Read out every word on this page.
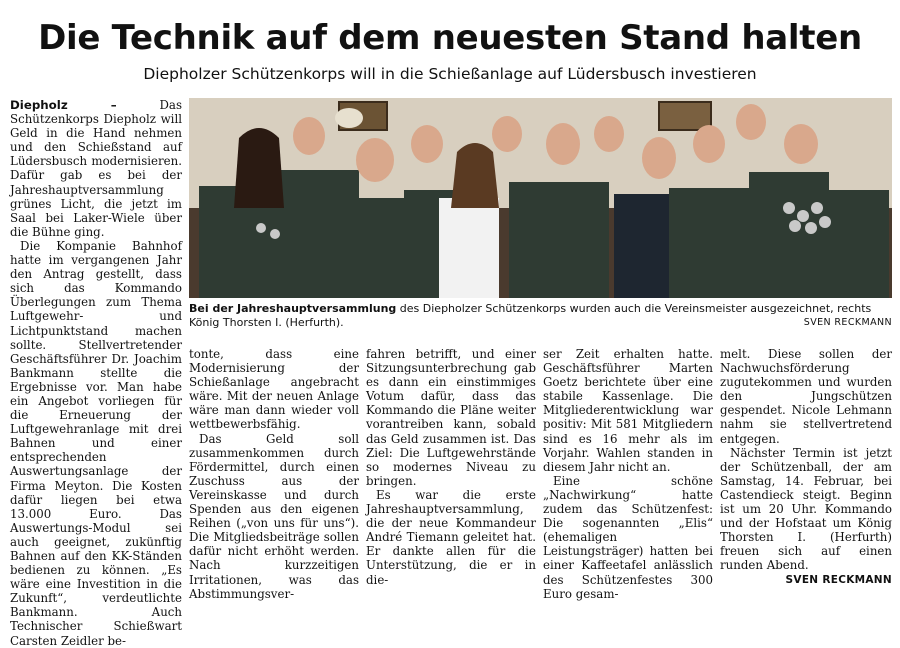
Die Technik auf dem neuesten Stand halten
Diepholzer Schützenkorps will in die Schießanlage auf Lüdersbusch investieren

Diepholz – Das Schützenkorps Diepholz will Geld in die Hand nehmen und den Schießstand auf Lüdersbusch modernisieren. Dafür gab es bei der Jahreshauptversammlung grünes Licht, die jetzt im Saal bei Laker-Wiele über die Bühne ging.

Die Kompanie Bahnhof hatte im vergangenen Jahr den Antrag gestellt, dass sich das Kommando Überlegungen zum Thema Luftgewehr- und Lichtpunktstand machen sollte. Stellvertretender Geschäftsführer Dr. Joachim Bankmann stellte die Ergebnisse vor. Man habe ein Angebot vorliegen für die Erneuerung der Luftgewehranlage mit drei Bahnen und einer entsprechenden Auswertungsanlage der Firma Meyton. Die Kosten dafür liegen bei etwa 13.000 Euro. Das Auswertungs-Modul sei auch geeignet, zukünftig Bahnen auf den KK-Ständen bedienen zu können. „Es wäre eine Investition in die Zukunft“, verdeutlichte Bankmann. Auch Technischer Schießwart Carsten Zeidler be-

Bei der Jahreshauptversammlung des Diepholzer Schützenkorps wurden auch die Vereinsmeister ausgezeichnet, rechts König Thorsten I. (Herfurth).	SVEN RECKMANN

tonte, dass eine Modernisierung der Schießanlage angebracht wäre. Mit der neuen Anlage wäre man dann wieder voll wettbewerbsfähig.

Das Geld soll zusammenkommen durch Fördermittel, durch einen Zuschuss aus der Vereinskasse und durch Spenden aus den eigenen Reihen („von uns für uns“). Die Mitgliedsbeiträge sollen dafür nicht erhöht werden. Nach kurzzeitigen Irritationen, was das Abstimmungsver-

fahren betrifft, und einer Sitzungsunterbrechung gab es dann ein einstimmiges Votum dafür, dass das Kommando die Pläne weiter vorantreiben kann, sobald das Geld zusammen ist. Das Ziel: Die Luftgewehrstände so modernes Niveau zu bringen.

Es war die erste Jahreshauptversammlung, die der neue Kommandeur André Tiemann geleitet hat. Er dankte allen für die Unterstützung, die er in die-

ser Zeit erhalten hatte. Geschäftsführer Marten Goetz berichtete über eine stabile Kassenlage. Die Mitgliederentwicklung war positiv: Mit 581 Mitgliedern sind es 16 mehr als im Vorjahr. Wahlen standen in diesem Jahr nicht an.

Eine schöne „Nachwirkung“ hatte zudem das Schützenfest: Die sogenannten „Elis“ (ehemaligen Leistungsträger) hatten bei einer Kaffeetafel anlässlich des Schützenfestes 300 Euro gesam-

melt. Diese sollen der Nachwuchsförderung zugutekommen und wurden den Jungschützen gespendet. Nicole Lehmann nahm sie stellvertretend entgegen.

Nächster Termin ist jetzt der Schützenball, der am Samstag, 14. Februar, bei Castendieck steigt. Beginn ist um 20 Uhr. Kommando und der Hofstaat um König Thorsten I. (Herfurth) freuen sich auf einen runden Abend.
SVEN RECKMANN
